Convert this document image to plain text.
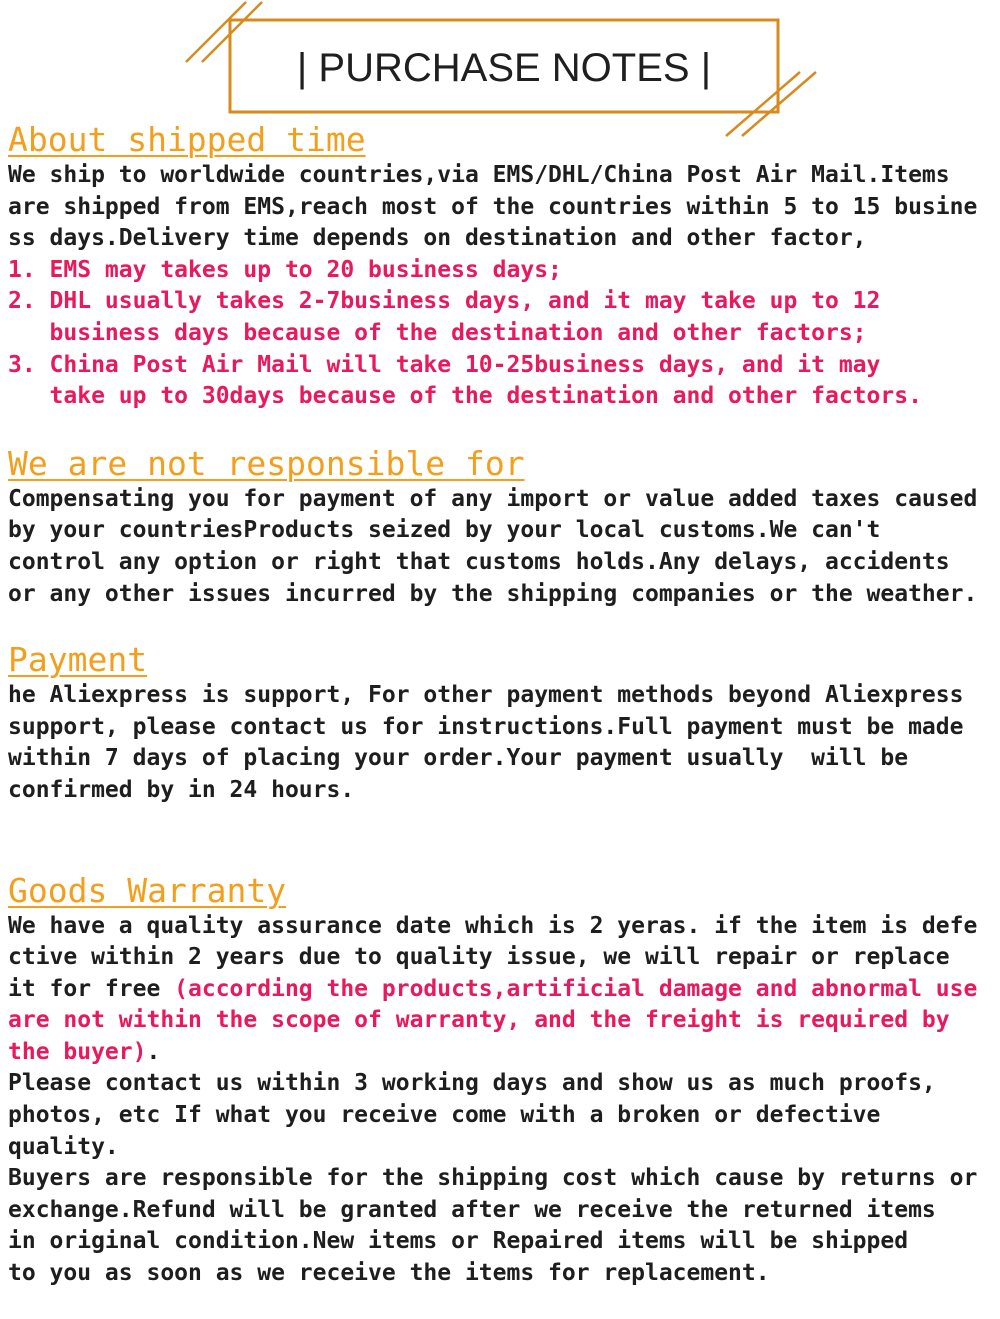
| PURCHASE NOTES |
About shipped time
We ship to worldwide countries,via EMS/DHL/China Post Air Mail.Items
are shipped from EMS,reach most of the countries within 5 to 15 busine
ss days.Delivery time depends on destination and other factor,
1. EMS may takes up to 20 business days;
2. DHL usually takes 2-7business days, and it may take up to 12
business days because of the destination and other factors;
3. China Post Air Mail will take 10-25business days, and it may
take up to 30days because of the destination and other factors.
We are not responsible for
Compensating you for payment of any import or value added taxes caused
by your countriesProducts seized by your local customs.We can't
control any option or right that customs holds.Any delays, accidents
or any other issues incurred by the shipping companies or the weather.
Payment
he Aliexpress is support, For other payment methods beyond Aliexpress
support, please contact us for instructions.Full payment must be made
within 7 days of placing your order.Your payment usually  will be
confirmed by in 24 hours.
Goods Warranty
We have a quality assurance date which is 2 yeras. if the item is defe
ctive within 2 years due to quality issue, we will repair or replace
it for free (according the products,artificial damage and abnormal use
are not within the scope of warranty, and the freight is required by
the buyer).
Please contact us within 3 working days and show us as much proofs,
photos, etc If what you receive come with a broken or defective
quality.
Buyers are responsible for the shipping cost which cause by returns or
exchange.Refund will be granted after we receive the returned items
in original condition.New items or Repaired items will be shipped
to you as soon as we receive the items for replacement.
